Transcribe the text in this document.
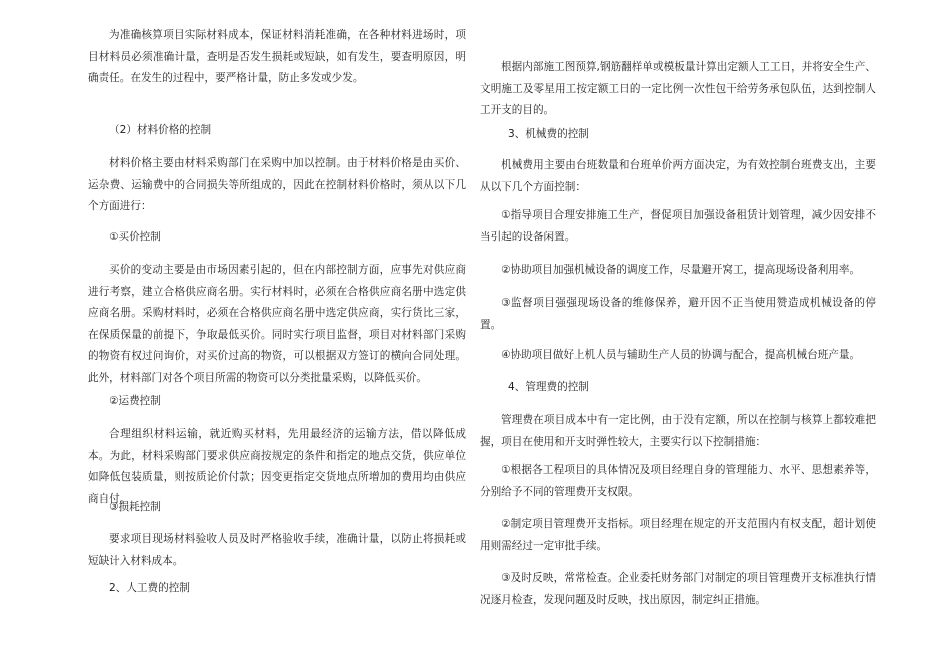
为准确核算项目实际材料成本，保证材料消耗准确，在各种材料进场时，项目材料员必须准确计量，查明是否发生损耗或短缺，如有发生，要查明原因，明确责任。在发生的过程中，要严格计量，防止多发或少发。

（2）材料价格的控制

材料价格主要由材料采购部门在采购中加以控制。由于材料价格是由买价、运杂费、运输费中的合同损失等所组成的，因此在控制材料价格时，须从以下几个方面进行：

①买价控制

买价的变动主要是由市场因素引起的，但在内部控制方面，应事先对供应商进行考察，建立合格供应商名册。实行材料时，必须在合格供应商名册中选定供应商名册。采购材料时，必须在合格供应商名册中选定供应商，实行货比三家，在保质保量的前提下，争取最低买价。同时实行项目监督，项目对材料部门采购的物资有权过问询价，对买价过高的物资，可以根据双方签订的横向合同处理。此外，材料部门对各个项目所需的物资可以分类批量采购，以降低买价。

②运费控制

合理组织材料运输，就近购买材料，先用最经济的运输方法，借以降低成本。为此，材料采购部门要求供应商按规定的条件和指定的地点交货，供应单位如降低包装质量，则按质论价付款；因变更指定交货地点所增加的费用均由供应商自付。

③损耗控制

要求项目现场材料验收人员及时严格验收手续，准确计量，以防止将损耗或短缺计入材料成本。

2、人工费的控制

根据内部施工图预算,钢筋翻样单或模板量计算出定额人工工日，并将安全生产、文明施工及零星用工按定额工日的一定比例一次性包干给劳务承包队伍，达到控制人工开支的目的。

3、机械费的控制

机械费用主要由台班数量和台班单价两方面决定，为有效控制台班费支出，主要从以下几个方面控制：

①指导项目合理安排施工生产，督促项目加强设备租赁计划管理，减少因安排不当引起的设备闲置。

②协助项目加强机械设备的调度工作，尽量避开窝工，提高现场设备利用率。

③监督项目强强现场设备的维修保养，避开因不正当使用赞造成机械设备的停置。

④协助项目做好上机人员与辅助生产人员的协调与配合，提高机械台班产量。

4、管理费的控制

管理费在项目成本中有一定比例，由于没有定额，所以在控制与核算上都较难把握，项目在使用和开支时弹性较大，主要实行以下控制措施：

①根据各工程项目的具体情况及项目经理自身的管理能力、水平、思想素养等，分别给予不同的管理费开支权限。

②制定项目管理费开支指标。项目经理在规定的开支范围内有权支配，超计划使用则需经过一定审批手续。

③及时反映，常常检查。企业委托财务部门对制定的项目管理费开支标准执行情况逐月检查，发现问题及时反映，找出原因，制定纠正措施。
